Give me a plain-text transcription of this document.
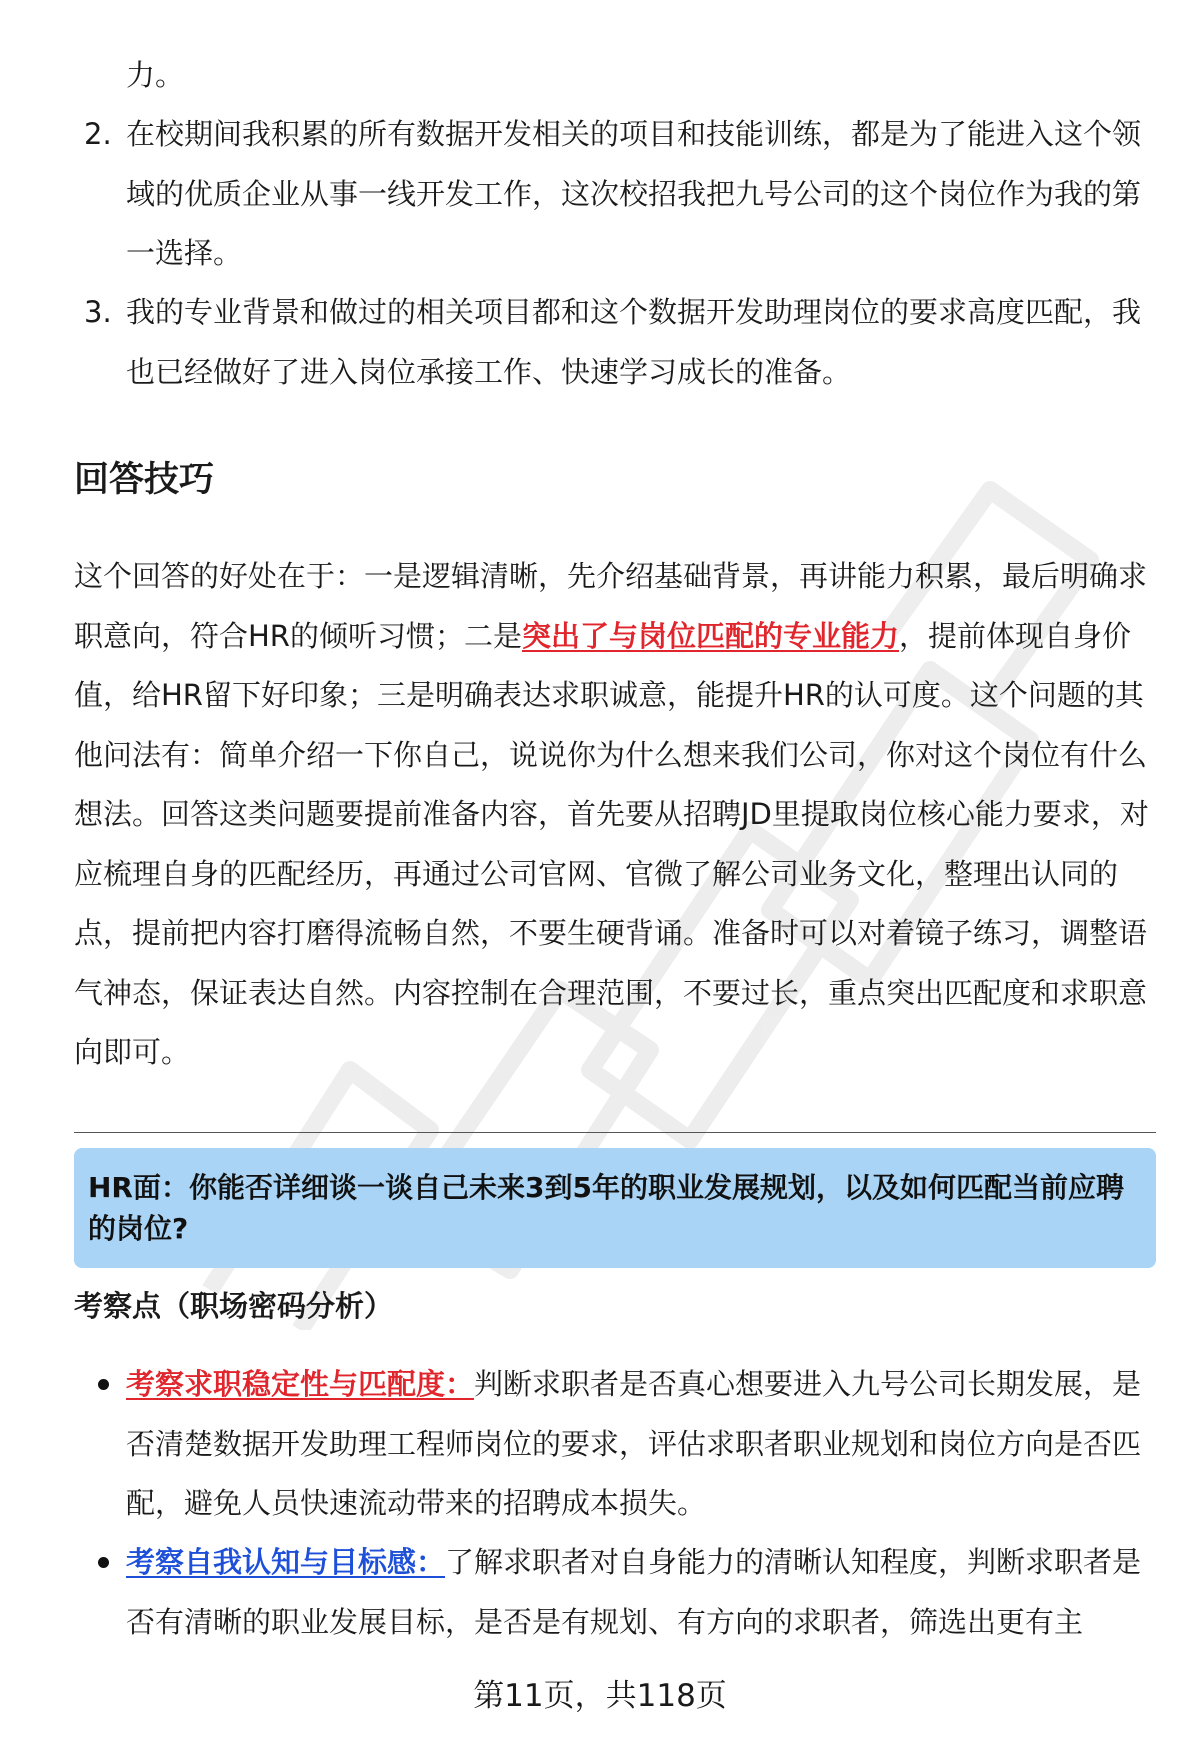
力。
2. 在校期间我积累的所有数据开发相关的项目和技能训练，都是为了能进入这个领域的优质企业从事一线开发工作，这次校招我把九号公司的这个岗位作为我的第一选择。
3. 我的专业背景和做过的相关项目都和这个数据开发助理岗位的要求高度匹配，我也已经做好了进入岗位承接工作、快速学习成长的准备。
回答技巧
这个回答的好处在于：一是逻辑清晰，先介绍基础背景，再讲能力积累，最后明确求职意向，符合HR的倾听习惯；二是突出了与岗位匹配的专业能力，提前体现自身价值，给HR留下好印象；三是明确表达求职诚意，能提升HR的认可度。这个问题的其他问法有：简单介绍一下你自己，说说你为什么想来我们公司，你对这个岗位有什么想法。回答这类问题要提前准备内容，首先要从招聘JD里提取岗位核心能力要求，对应梳理自身的匹配经历，再通过公司官网、官微了解公司业务文化，整理出认同的点，提前把内容打磨得流畅自然，不要生硬背诵。准备时可以对着镜子练习，调整语气神态，保证表达自然。内容控制在合理范围，不要过长，重点突出匹配度和求职意向即可。
HR面：你能否详细谈一谈自己未来3到5年的职业发展规划，以及如何匹配当前应聘的岗位?
考察点（职场密码分析）
考察求职稳定性与匹配度：判断求职者是否真心想要进入九号公司长期发展，是否清楚数据开发助理工程师岗位的要求，评估求职者职业规划和岗位方向是否匹配，避免人员快速流动带来的招聘成本损失。
考察自我认知与目标感：了解求职者对自身能力的清晰认知程度，判断求职者是否有清晰的职业发展目标，是否是有规划、有方向的求职者，筛选出更有主
第11页，共118页
